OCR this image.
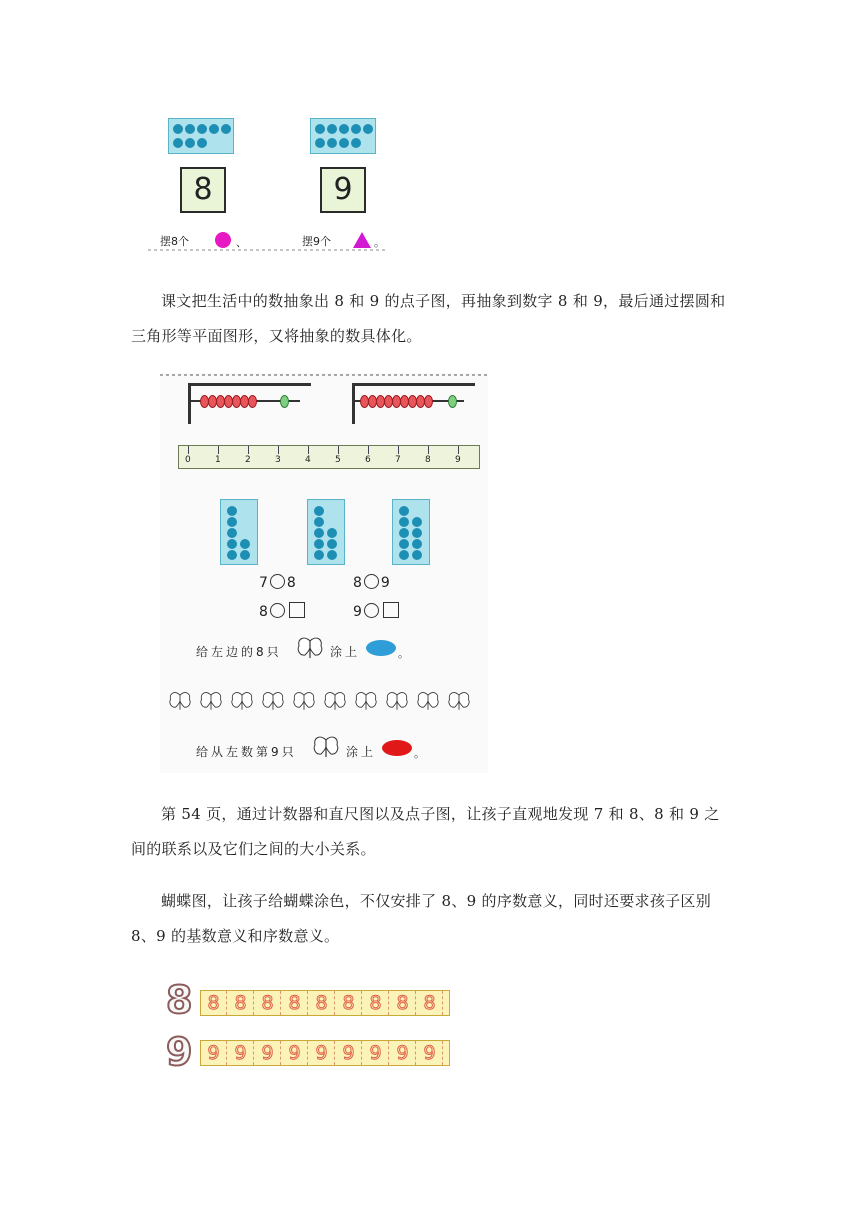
8	9
摆8个	、	摆9个	。

课文把生活中的数抽象出 8 和 9 的点子图，再抽象到数字 8 和 9，最后通过摆圆和三角形等平面图形，又将抽象的数具体化。

0	1	2	3	4	5	6	7	8	9
7 8	8 9
8	9
给左边的8只	涂上	。
给从左数第9只	涂上	。

第 54 页，通过计数器和直尺图以及点子图，让孩子直观地发现 7 和 8、8 和 9 之间的联系以及它们之间的大小关系。

蝴蝶图，让孩子给蝴蝶涂色，不仅安排了 8、9 的序数意义，同时还要求孩子区别 8、9 的基数意义和序数意义。

8 8 8 8 8 8 8 8 8 8
9 9 9 9 9 9 9 9 9 9
